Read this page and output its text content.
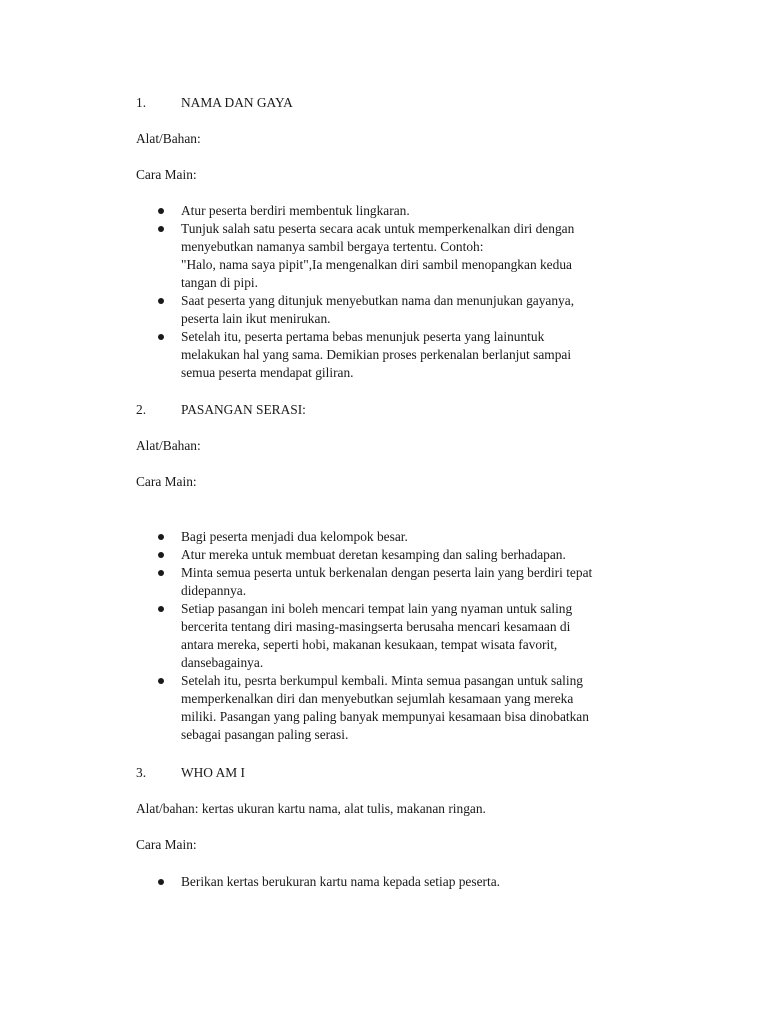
1.	NAMA DAN GAYA
Alat/Bahan:
Cara Main:
Atur peserta berdiri membentuk lingkaran.
Tunjuk salah satu peserta secara acak untuk memperkenalkan diri dengan
menyebutkan namanya sambil bergaya tertentu. Contoh:
"Halo, nama saya pipit",Ia mengenalkan diri sambil menopangkan kedua
tangan di pipi.
Saat peserta yang ditunjuk menyebutkan nama dan menunjukan gayanya,
peserta lain ikut menirukan.
Setelah itu, peserta pertama bebas menunjuk peserta yang lainuntuk
melakukan hal yang sama. Demikian proses perkenalan berlanjut sampai
semua peserta mendapat giliran.
2.	PASANGAN SERASI:
Alat/Bahan:
Cara Main:
Bagi peserta menjadi dua kelompok besar.
Atur mereka untuk membuat deretan kesamping dan saling berhadapan.
Minta semua peserta untuk berkenalan dengan peserta lain yang berdiri tepat
didepannya.
Setiap pasangan ini boleh mencari tempat lain yang nyaman untuk saling
bercerita tentang diri masing-masingserta berusaha mencari kesamaan di
antara mereka, seperti hobi, makanan kesukaan, tempat wisata favorit,
dansebagainya.
Setelah itu, pesrta berkumpul kembali. Minta semua pasangan untuk saling
memperkenalkan diri dan menyebutkan sejumlah kesamaan yang mereka
miliki. Pasangan yang paling banyak mempunyai kesamaan bisa dinobatkan
sebagai pasangan paling serasi.
3.	WHO AM I
Alat/bahan: kertas ukuran kartu nama, alat tulis, makanan ringan.
Cara Main:
Berikan kertas berukuran kartu nama kepada setiap peserta.
